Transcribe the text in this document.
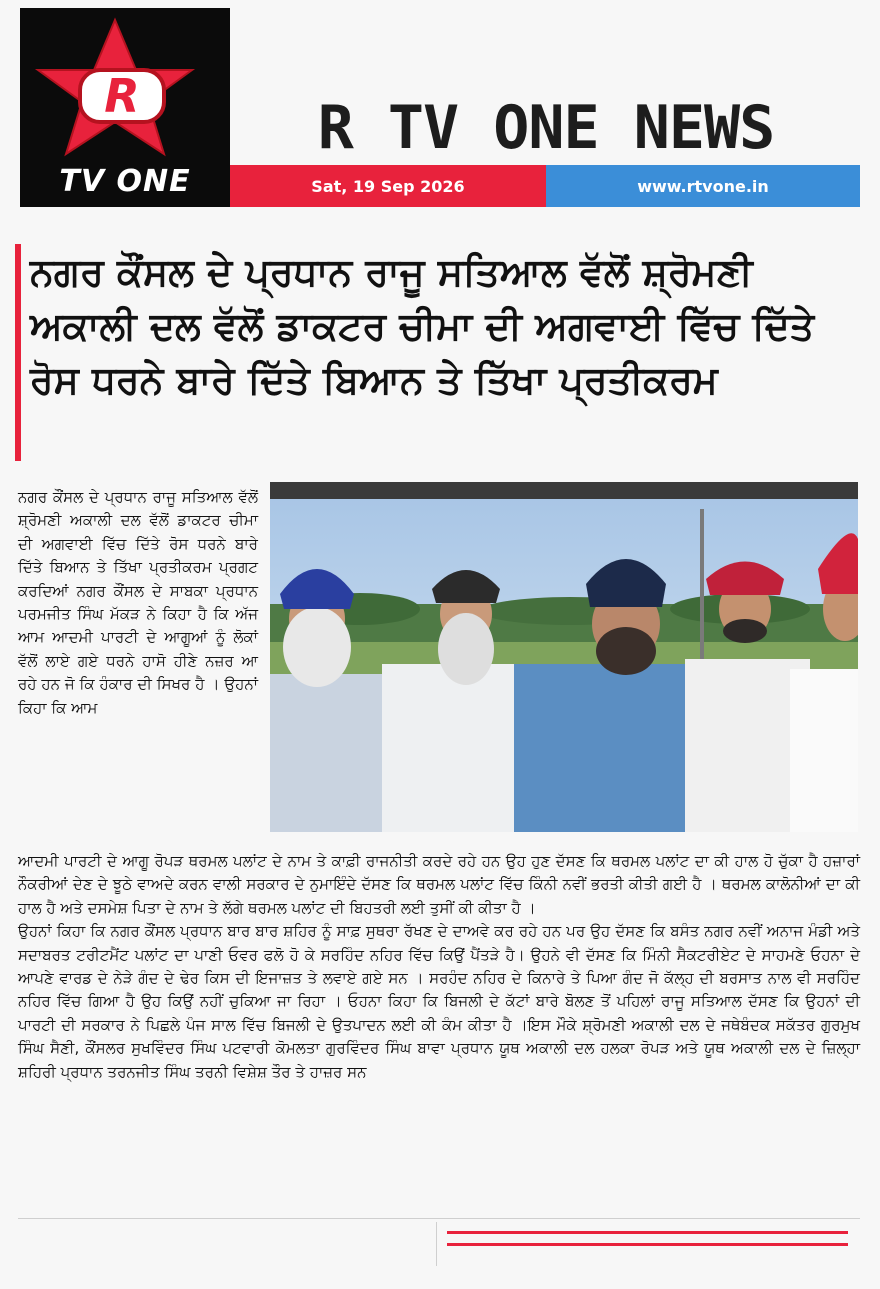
R
TV ONE
R TV ONE NEWS
Sat, 19 Sep 2026	www.rtvone.in
ਨਗਰ ਕੌਂਸਲ ਦੇ ਪ੍ਰਧਾਨ ਰਾਜੂ ਸਤਿਆਲ ਵੱਲੋਂ ਸ਼੍ਰੋਮਣੀ ਅਕਾਲੀ ਦਲ ਵੱਲੋਂ ਡਾਕਟਰ ਚੀਮਾ ਦੀ ਅਗਵਾਈ ਵਿੱਚ ਦਿੱਤੇ ਰੋਸ ਧਰਨੇ ਬਾਰੇ ਦਿੱਤੇ ਬਿਆਨ ਤੇ ਤਿੱਖਾ ਪ੍ਰਤੀਕਰਮ

ਨਗਰ ਕੌਂਸਲ ਦੇ ਪ੍ਰਧਾਨ ਰਾਜੂ ਸਤਿਆਲ ਵੱਲੋਂ ਸ਼੍ਰੋਮਣੀ ਅਕਾਲੀ ਦਲ ਵੱਲੋਂ ਡਾਕਟਰ ਚੀਮਾ ਦੀ ਅਗਵਾਈ ਵਿੱਚ ਦਿੱਤੇ ਰੋਸ ਧਰਨੇ ਬਾਰੇ ਦਿੱਤੇ ਬਿਆਨ ਤੇ ਤਿੱਖਾ ਪ੍ਰਤੀਕਰਮ ਪ੍ਰਗਟ ਕਰਦਿਆਂ ਨਗਰ ਕੌਂਸਲ ਦੇ ਸਾਬਕਾ ਪ੍ਰਧਾਨ ਪਰਮਜੀਤ ਸਿੰਘ ਮੱਕੜ ਨੇ ਕਿਹਾ ਹੈ ਕਿ ਅੱਜ ਆਮ ਆਦਮੀ ਪਾਰਟੀ ਦੇ ਆਗੂਆਂ ਨੂੰ ਲੋਕਾਂ ਵੱਲੋਂ ਲਾਏ ਗਏ ਧਰਨੇ ਹਾਸੋ ਹੀਣੇ ਨਜ਼ਰ ਆ ਰਹੇ ਹਨ ਜੋ ਕਿ ਹੰਕਾਰ ਦੀ ਸਿਖਰ ਹੈ । ਉਹਨਾਂ ਕਿਹਾ ਕਿ ਆਮ

ਆਦਮੀ ਪਾਰਟੀ ਦੇ ਆਗੂ ਰੋਪੜ ਥਰਮਲ ਪਲਾਂਟ ਦੇ ਨਾਮ ਤੇ ਕਾਫ਼ੀ ਰਾਜਨੀਤੀ ਕਰਦੇ ਰਹੇ ਹਨ ਉਹ ਹੁਣ ਦੱਸਣ ਕਿ ਥਰਮਲ ਪਲਾਂਟ ਦਾ ਕੀ ਹਾਲ ਹੋ ਚੁੱਕਾ ਹੈ ਹਜ਼ਾਰਾਂ ਨੌਕਰੀਆਂ ਦੇਣ ਦੇ ਝੂਠੇ ਵਾਅਦੇ ਕਰਨ ਵਾਲੀ ਸਰਕਾਰ ਦੇ ਨੁਮਾਇੰਦੇ ਦੱਸਣ ਕਿ ਥਰਮਲ ਪਲਾਂਟ ਵਿੱਚ ਕਿੰਨੀ ਨਵੀਂ ਭਰਤੀ ਕੀਤੀ ਗਈ ਹੈ । ਥਰਮਲ ਕਾਲੋਨੀਆਂ ਦਾ ਕੀ ਹਾਲ ਹੈ ਅਤੇ ਦਸਮੇਸ਼ ਪਿਤਾ ਦੇ ਨਾਮ ਤੇ ਲੱਗੇ ਥਰਮਲ ਪਲਾਂਟ ਦੀ ਬਿਹਤਰੀ ਲਈ ਤੁਸੀਂ ਕੀ ਕੀਤਾ ਹੈ ।

ਉਹਨਾਂ ਕਿਹਾ ਕਿ ਨਗਰ ਕੌਂਸਲ ਪ੍ਰਧਾਨ ਬਾਰ ਬਾਰ ਸ਼ਹਿਰ ਨੂੰ ਸਾਫ਼ ਸੁਥਰਾ ਰੱਖਣ ਦੇ ਦਾਅਵੇ ਕਰ ਰਹੇ ਹਨ ਪਰ ਉਹ ਦੱਸਣ ਕਿ ਬਸੰਤ ਨਗਰ ਨਵੀਂ ਅਨਾਜ ਮੰਡੀ ਅਤੇ ਸਦਾਬਰਤ ਟਰੀਟਮੈਂਟ ਪਲਾਂਟ ਦਾ ਪਾਣੀ ਓਵਰ ਫਲੋ ਹੋ ਕੇ ਸਰਹਿੰਦ ਨਹਿਰ ਵਿੱਚ ਕਿਉਂ ਪੈਂਤੜੇ ਹੈ। ਉਹਨੇ ਵੀ ਦੱਸਣ ਕਿ ਮਿੰਨੀ ਸੈਕਟਰੀਏਟ ਦੇ ਸਾਹਮਣੇ ਓਹਨਾ ਦੇ ਆਪਣੇ ਵਾਰਡ ਦੇ ਨੇੜੇ ਗੰਦ ਦੇ ਢੇਰ ਕਿਸ ਦੀ ਇਜਾਜ਼ਤ ਤੇ ਲਵਾਏ ਗਏ ਸਨ । ਸਰਹੰਦ ਨਹਿਰ ਦੇ ਕਿਨਾਰੇ ਤੇ ਪਿਆ ਗੰਦ ਜੋ ਕੱਲ੍ਹ ਦੀ ਬਰਸਾਤ ਨਾਲ ਵੀ ਸਰਹਿੰਦ ਨਹਿਰ ਵਿੱਚ ਗਿਆ ਹੈ ਉਹ ਕਿਉਂ ਨਹੀਂ ਚੁਕਿਆ ਜਾ ਰਿਹਾ । ਓਹਨਾ ਕਿਹਾ ਕਿ ਬਿਜਲੀ ਦੇ ਕੱਟਾਂ ਬਾਰੇ ਬੋਲਣ ਤੋਂ ਪਹਿਲਾਂ ਰਾਜੂ ਸਤਿਆਲ ਦੱਸਣ ਕਿ ਉਹਨਾਂ ਦੀ ਪਾਰਟੀ ਦੀ ਸਰਕਾਰ ਨੇ ਪਿਛਲੇ ਪੰਜ ਸਾਲ ਵਿੱਚ ਬਿਜਲੀ ਦੇ ਉਤਪਾਦਨ ਲਈ ਕੀ ਕੰਮ ਕੀਤਾ ਹੈ ।ਇਸ ਮੌਕੇ ਸ਼੍ਰੋਮਣੀ ਅਕਾਲੀ ਦਲ ਦੇ ਜਥੇਬੰਦਕ ਸਕੱਤਰ ਗੁਰਮੁਖ ਸਿੰਘ ਸੈਣੀ, ਕੌਂਸਲਰ ਸੁਖਵਿੰਦਰ ਸਿੰਘ ਪਟਵਾਰੀ ਕੋਮਲਤਾ ਗੁਰਵਿੰਦਰ ਸਿੰਘ ਬਾਵਾ ਪ੍ਰਧਾਨ ਯੂਥ ਅਕਾਲੀ ਦਲ ਹਲਕਾ ਰੋਪੜ ਅਤੇ ਯੂਥ ਅਕਾਲੀ ਦਲ ਦੇ ਜ਼ਿਲ੍ਹਾ ਸ਼ਹਿਰੀ ਪ੍ਰਧਾਨ ਤਰਨਜੀਤ ਸਿੰਘ ਤਰਨੀ ਵਿਸ਼ੇਸ਼ ਤੌਰ ਤੇ ਹਾਜ਼ਰ ਸਨ
